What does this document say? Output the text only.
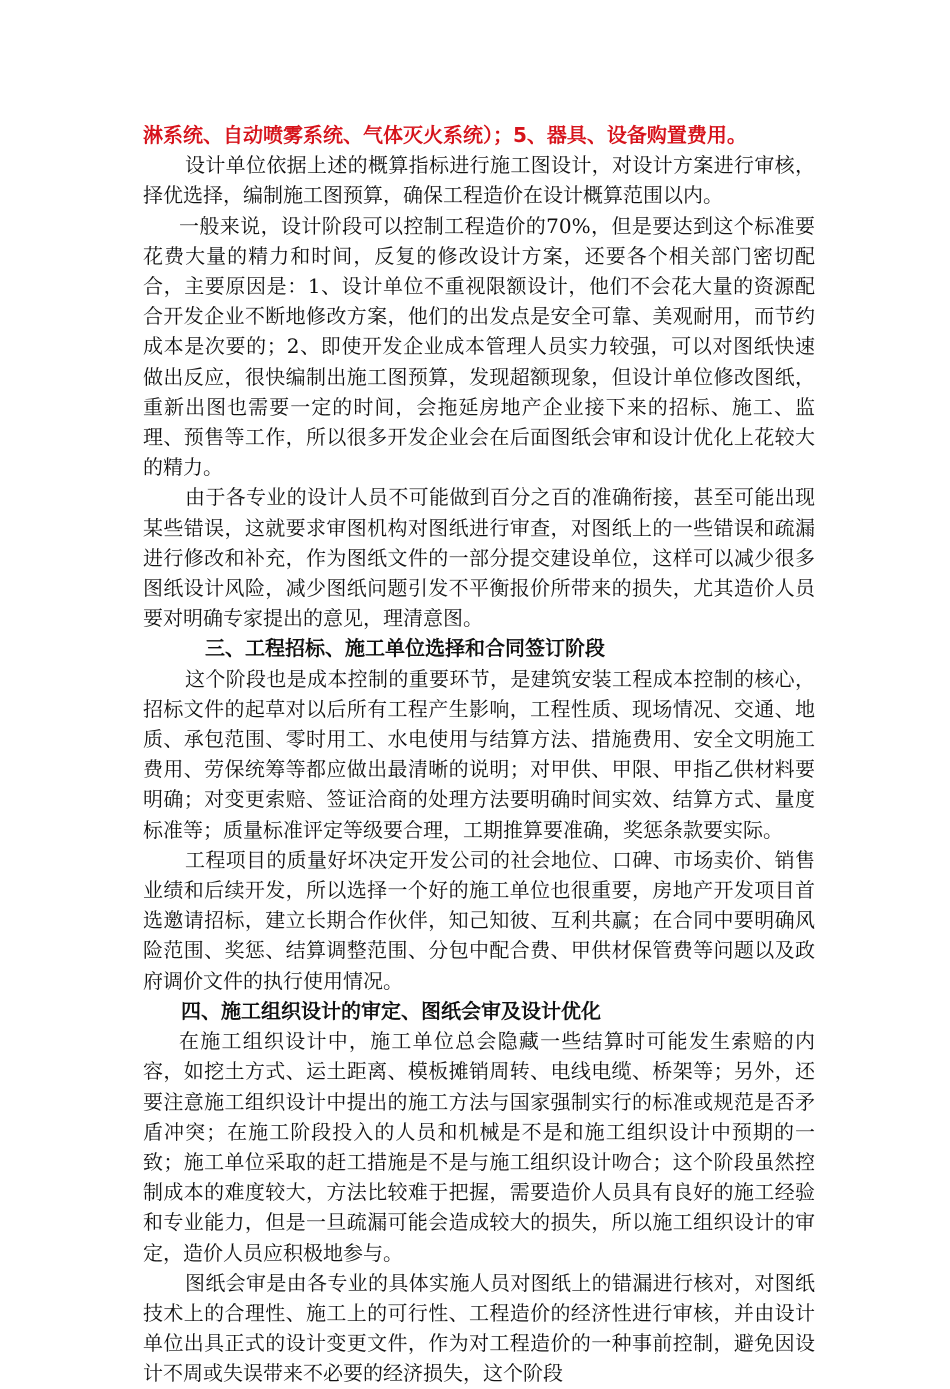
淋系统、自动喷雾系统、气体灭火系统）；5、器具、设备购置费用。

设计单位依据上述的概算指标进行施工图设计，对设计方案进行审核，择优选择，编制施工图预算，确保工程造价在设计概算范围以内。

一般来说，设计阶段可以控制工程造价的70%，但是要达到这个标准要花费大量的精力和时间，反复的修改设计方案，还要各个相关部门密切配合，主要原因是：1、设计单位不重视限额设计，他们不会花大量的资源配合开发企业不断地修改方案，他们的出发点是安全可靠、美观耐用，而节约成本是次要的；2、即使开发企业成本管理人员实力较强，可以对图纸快速做出反应，很快编制出施工图预算，发现超额现象，但设计单位修改图纸，重新出图也需要一定的时间，会拖延房地产企业接下来的招标、施工、监理、预售等工作，所以很多开发企业会在后面图纸会审和设计优化上花较大的精力。

由于各专业的设计人员不可能做到百分之百的准确衔接，甚至可能出现某些错误，这就要求审图机构对图纸进行审查，对图纸上的一些错误和疏漏进行修改和补充，作为图纸文件的一部分提交建设单位，这样可以减少很多图纸设计风险，减少图纸问题引发不平衡报价所带来的损失，尤其造价人员要对明确专家提出的意见，理清意图。

三、工程招标、施工单位选择和合同签订阶段

这个阶段也是成本控制的重要环节，是建筑安装工程成本控制的核心，招标文件的起草对以后所有工程产生影响，工程性质、现场情况、交通、地质、承包范围、零时用工、水电使用与结算方法、措施费用、安全文明施工费用、劳保统筹等都应做出最清晰的说明；对甲供、甲限、甲指乙供材料要明确；对变更索赔、签证洽商的处理方法要明确时间实效、结算方式、量度标准等；质量标准评定等级要合理，工期推算要准确，奖惩条款要实际。

工程项目的质量好坏决定开发公司的社会地位、口碑、市场卖价、销售业绩和后续开发，所以选择一个好的施工单位也很重要，房地产开发项目首选邀请招标，建立长期合作伙伴，知己知彼、互利共赢；在合同中要明确风险范围、奖惩、结算调整范围、分包中配合费、甲供材保管费等问题以及政府调价文件的执行使用情况。

四、施工组织设计的审定、图纸会审及设计优化

在施工组织设计中，施工单位总会隐藏一些结算时可能发生索赔的内容，如挖土方式、运土距离、模板摊销周转、电线电缆、桥架等；另外，还要注意施工组织设计中提出的施工方法与国家强制实行的标准或规范是否矛盾冲突；在施工阶段投入的人员和机械是不是和施工组织设计中预期的一致；施工单位采取的赶工措施是不是与施工组织设计吻合；这个阶段虽然控制成本的难度较大，方法比较难于把握，需要造价人员具有良好的施工经验和专业能力，但是一旦疏漏可能会造成较大的损失，所以施工组织设计的审定，造价人员应积极地参与。

图纸会审是由各专业的具体实施人员对图纸上的错漏进行核对，对图纸技术上的合理性、施工上的可行性、工程造价的经济性进行审核，并由设计单位出具正式的设计变更文件，作为对工程造价的一种事前控制，避免因设计不周或失误带来不必要的经济损失，这个阶段
